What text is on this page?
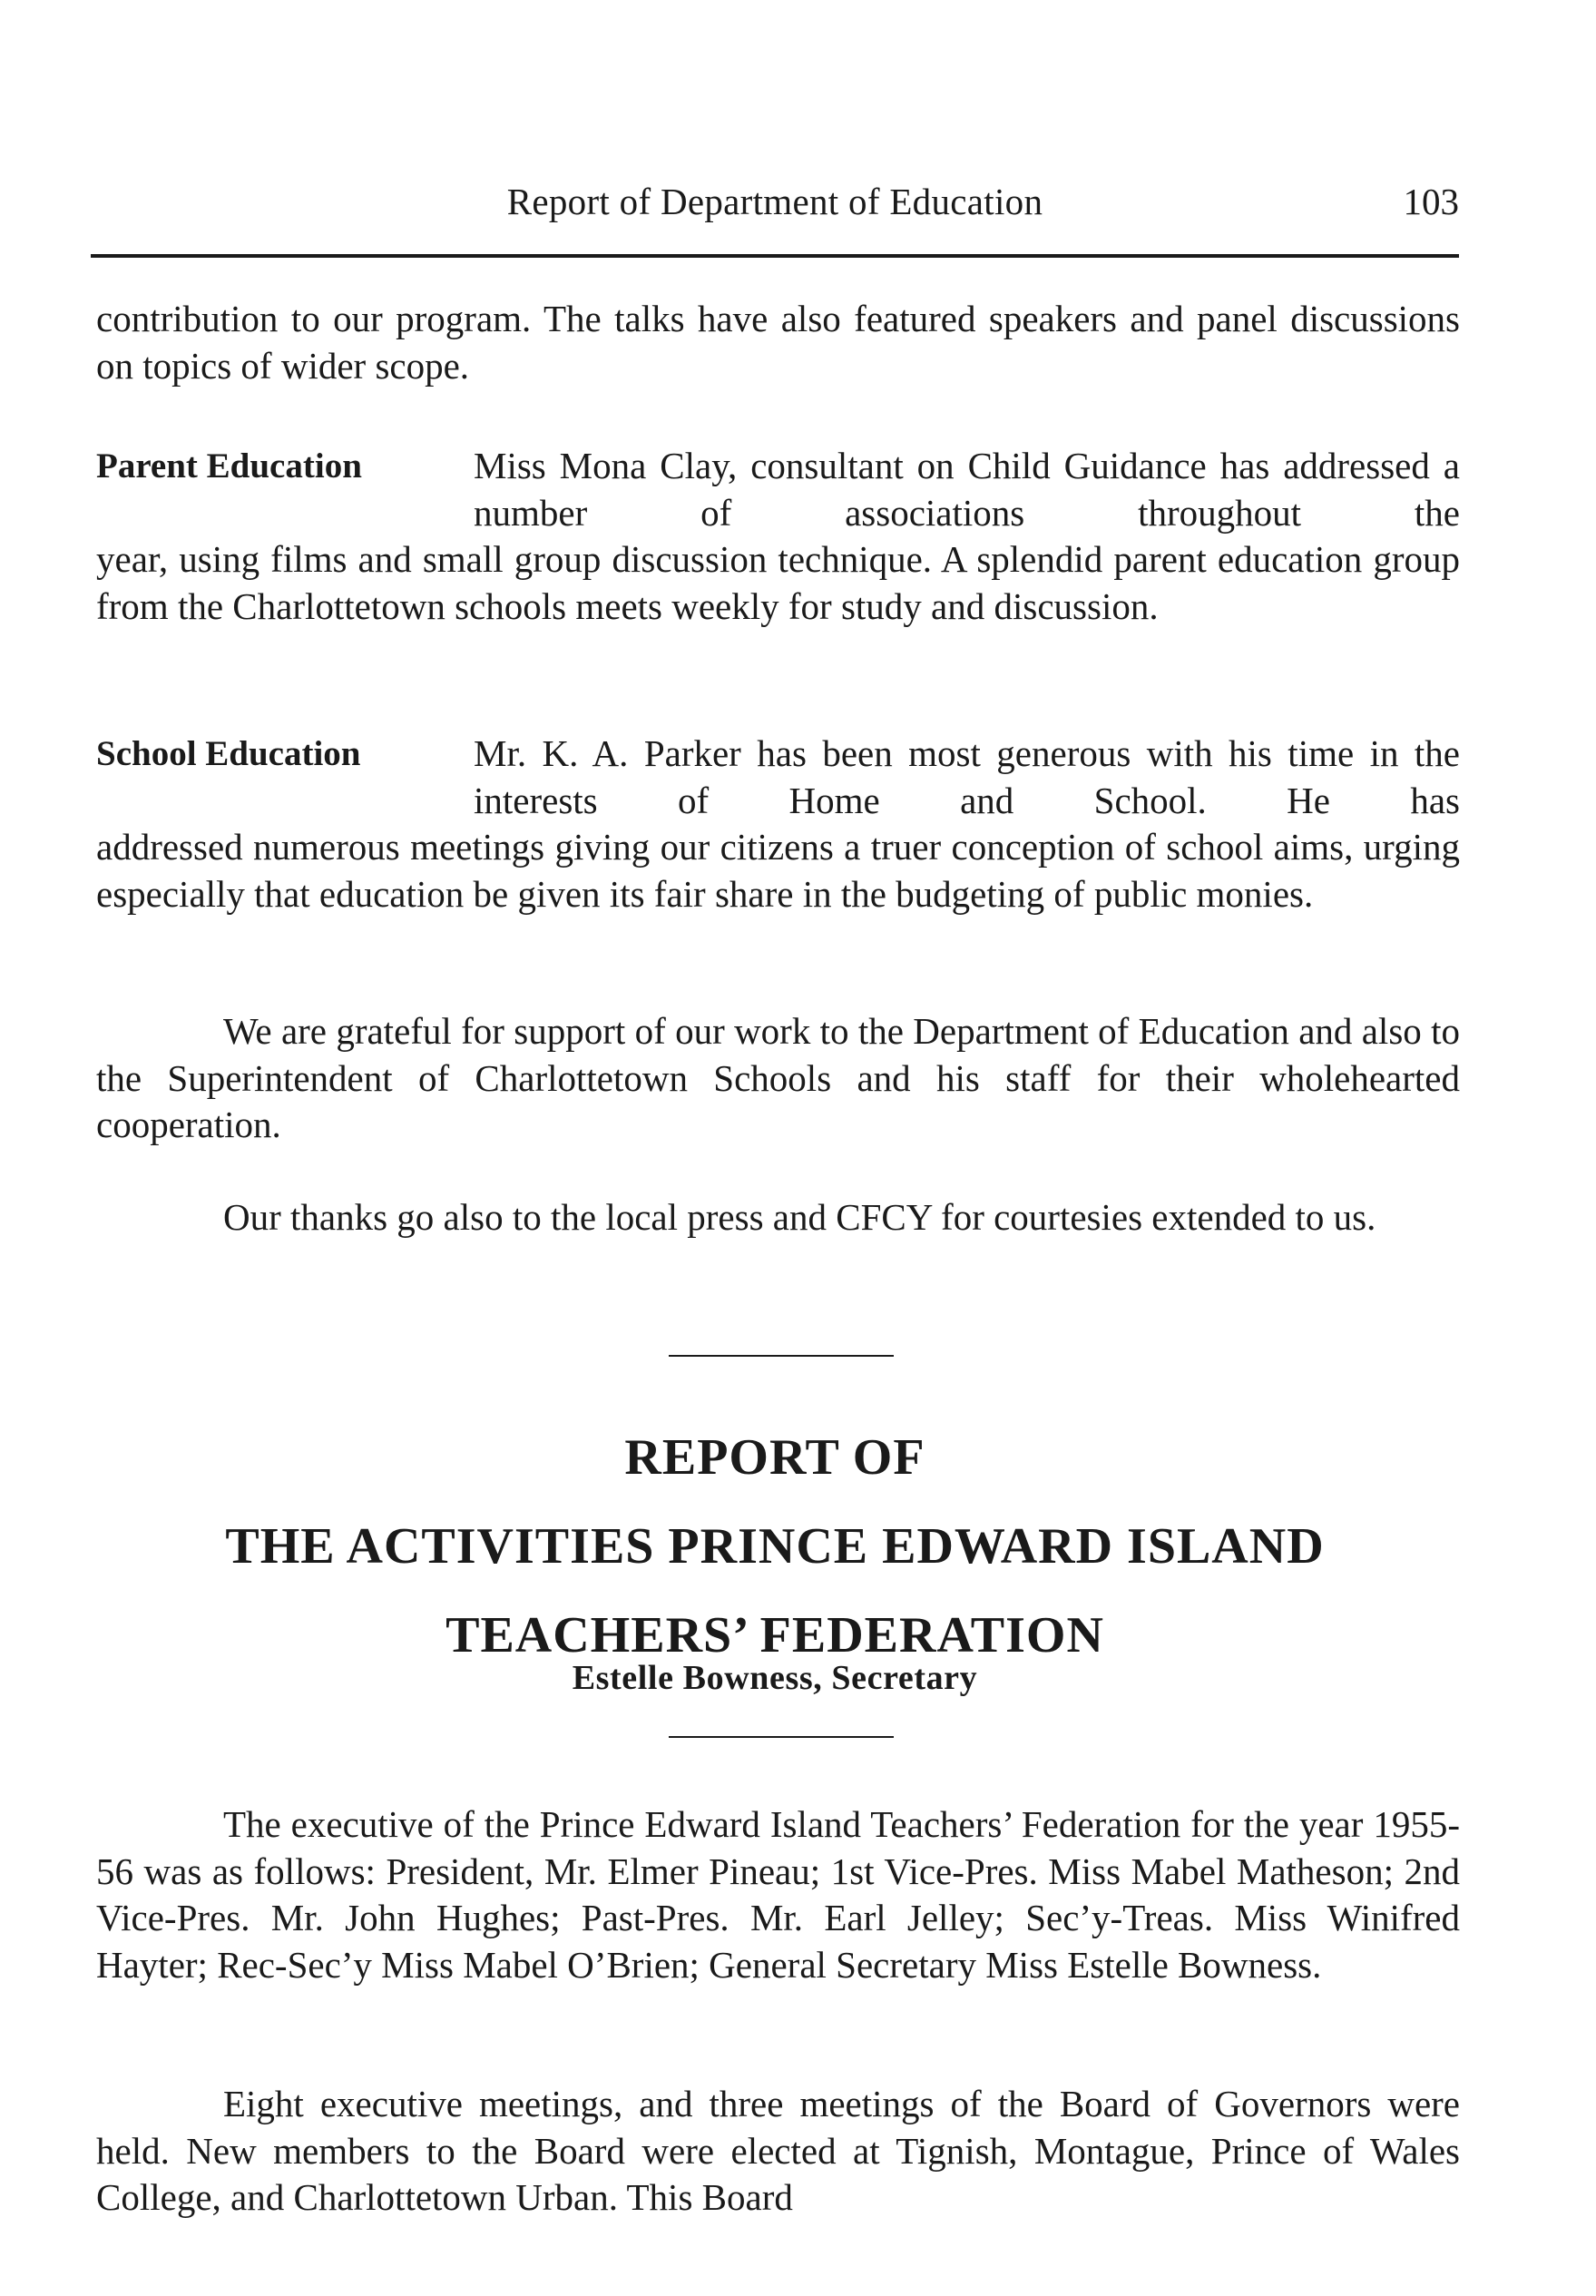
Report of Department of Education	103

contribution to our program. The talks have also featured speakers and panel discussions on topics of wider scope.

Parent Education	Miss Mona Clay, consultant on Child Guidance has addressed a number of associations throughout the

year, using films and small group discussion technique. A splendid parent education group from the Charlottetown schools meets weekly for study and discussion.

School Education	Mr. K. A. Parker has been most generous with his time in the interests of Home and School. He has

addressed numerous meetings giving our citizens a truer conception of school aims, urging especially that education be given its fair share in the budgeting of public monies.

We are grateful for support of our work to the Department of Education and also to the Superintendent of Charlottetown Schools and his staff for their wholehearted cooperation.

Our thanks go also to the local press and CFCY for courtesies extended to us.

REPORT OF

THE ACTIVITIES PRINCE EDWARD ISLAND

TEACHERS’ FEDERATION

Estelle Bowness, Secretary

The executive of the Prince Edward Island Teachers’ Federation for the year 1955-56 was as follows: President, Mr. Elmer Pineau; 1st Vice-Pres. Miss Mabel Matheson; 2nd Vice-Pres. Mr. John Hughes; Past-Pres. Mr. Earl Jelley; Sec’y-Treas. Miss Winifred Hayter; Rec-Sec’y Miss Mabel O’Brien; General Secretary Miss Estelle Bowness.

Eight executive meetings, and three meetings of the Board of Governors were held. New members to the Board were elected at Tignish, Montague, Prince of Wales College, and Charlottetown Urban. This Board
